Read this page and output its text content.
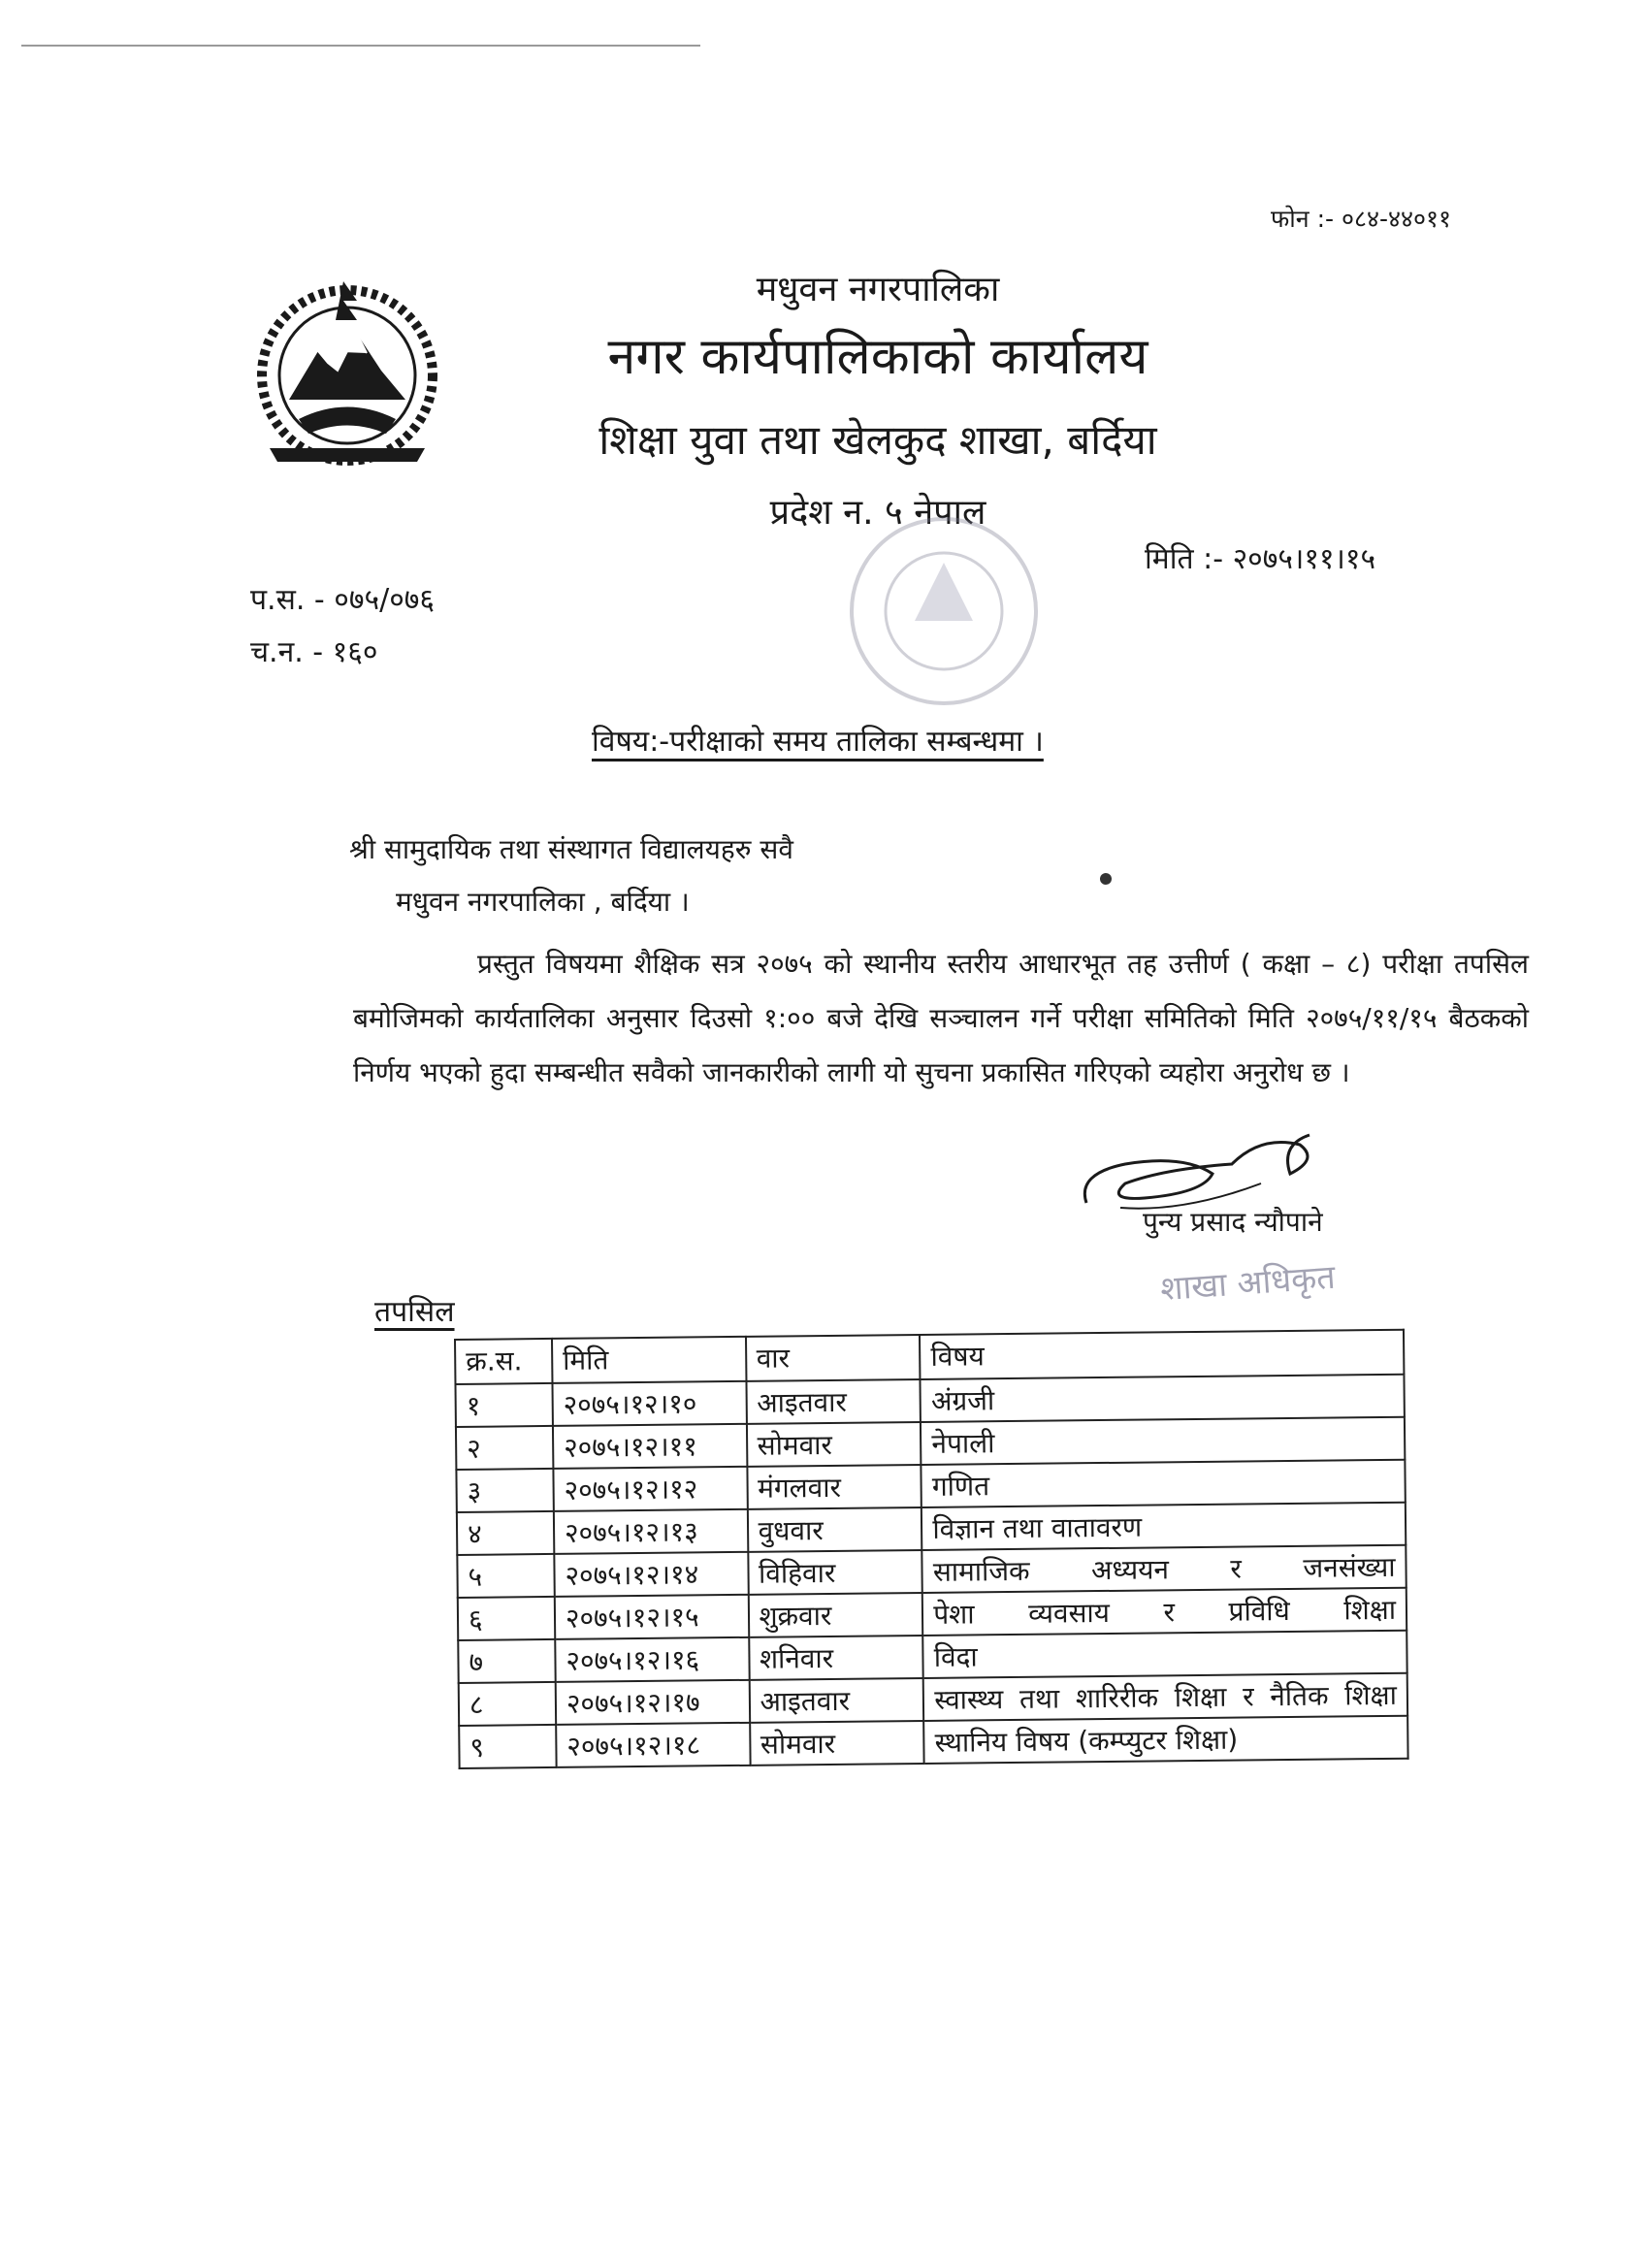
फोन :- ०८४-४४०११
मधुवन नगरपालिका
नगर कार्यपालिकाको कार्यालय
शिक्षा युवा तथा खेलकुद शाखा, बर्दिया
प्रदेश न. ५ नेपाल
मिति :- २०७५।११।१५
प.स. - ०७५/०७६
च.न. - १६०
विषय:-परीक्षाको समय तालिका सम्बन्धमा ।
श्री सामुदायिक तथा संस्थागत विद्यालयहरु सवै
मधुवन नगरपालिका , बर्दिया ।
प्रस्तुत विषयमा शैक्षिक सत्र २०७५ को स्थानीय स्तरीय आधारभूत तह उत्तीर्ण ( कक्षा – ८) परीक्षा तपसिल बमोजिमको कार्यतालिका अनुसार दिउसो १:०० बजे देखि सञ्चालन गर्ने परीक्षा समितिको मिति २०७५/११/१५ बैठकको निर्णय भएको हुदा सम्बन्धीत सवैको जानकारीको लागी यो सुचना प्रकासित गरिएको व्यहोरा अनुरोध छ ।
पुन्य प्रसाद न्यौपाने
शाखा अधिकृत
तपसिल
क्र.स.	मिति	वार	विषय
१	२०७५।१२।१०	आइतवार	अंग्रजी
२	२०७५।१२।११	सोमवार	नेपाली
३	२०७५।१२।१२	मंगलवार	गणित
४	२०७५।१२।१३	वुधवार	विज्ञान तथा वातावरण
५	२०७५।१२।१४	विहिवार	सामाजिक अध्ययन र जनसंख्या
६	२०७५।१२।१५	शुक्रवार	पेशा व्यवसाय र प्रविधि शिक्षा
७	२०७५।१२।१६	शनिवार	विदा
८	२०७५।१२।१७	आइतवार	स्वास्थ्य तथा शारिरीक शिक्षा र नैतिक शिक्षा
९	२०७५।१२।१८	सोमवार	स्थानिय विषय (कम्प्युटर शिक्षा)
